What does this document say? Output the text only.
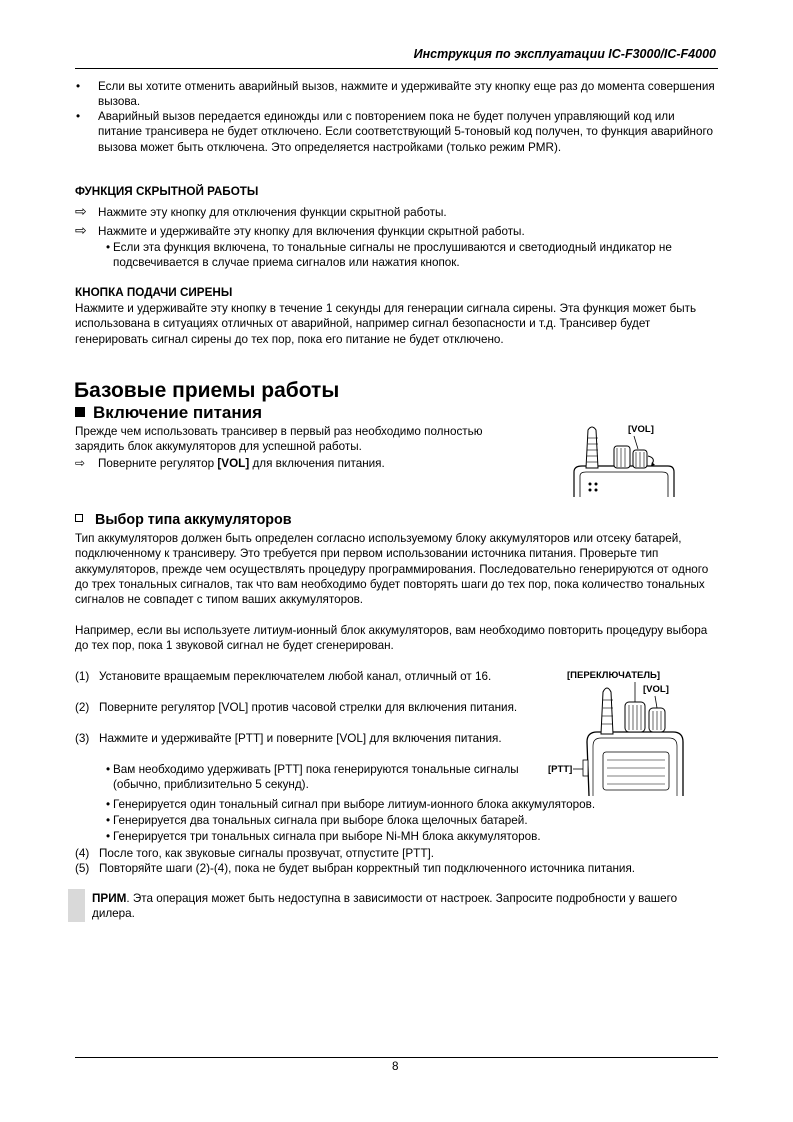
Инструкция по эксплуатации IC-F3000/IC-F4000
• Если вы хотите отменить аварийный вызов, нажмите и удерживайте эту кнопку еще раз до момента совершения вызова.
• Аварийный вызов передается единожды или с повторением пока не будет получен управляющий код или питание трансивера не будет отключено. Если соответствующий 5-тоновый код получен, то функция аварийного вызова может быть отключена. Это определяется настройками (только режим PMR).
ФУНКЦИЯ СКРЫТНОЙ РАБОТЫ
⇨ Нажмите эту кнопку для отключения функции скрытной работы.
⇨ Нажмите и удерживайте эту кнопку для включения функции скрытной работы.
• Если эта функция включена, то тональные сигналы не прослушиваются и светодиодный индикатор не подсвечивается в случае приема сигналов или нажатия кнопок.
КНОПКА ПОДАЧИ СИРЕНЫ
Нажмите и удерживайте эту кнопку в течение 1 секунды для генерации сигнала сирены. Эта функция может быть использована в ситуациях отличных от аварийной, например сигнал безопасности и т.д. Трансивер будет генерировать сигнал сирены до тех пор, пока его питание не будет отключено.
Базовые приемы работы
Включение питания
Прежде чем использовать трансивер в первый раз необходимо полностью зарядить блок аккумуляторов для успешной работы.
⇨ Поверните регулятор [VOL] для включения питания.
[VOL]
Выбор типа аккумуляторов
Тип аккумуляторов должен быть определен согласно используемому блоку аккумуляторов или отсеку батарей, подключенному к трансиверу. Это требуется при первом использовании источника питания. Проверьте тип аккумуляторов, прежде чем осуществлять процедуру программирования. Последовательно генерируются от одного до трех тональных сигналов, так что вам необходимо будет повторять шаги до тех пор, пока количество тональных сигналов не совпадет с типом ваших аккумуляторов.
Например, если вы используете литиум-ионный блок аккумуляторов, вам необходимо повторить процедуру выбора до тех пор, пока 1 звуковой сигнал не будет сгенерирован.
(1) Установите вращаемым переключателем любой канал, отличный от 16.
(2) Поверните регулятор [VOL] против часовой стрелки для включения питания.
(3) Нажмите и удерживайте [PTT] и поверните [VOL] для включения питания.
• Вам необходимо удерживать [PTT] пока генерируются тональные сигналы (обычно, приблизительно 5 секунд).
• Генерируется один тональный сигнал при выборе литиум-ионного блока аккумуляторов.
• Генерируется два тональных сигнала при выборе блока щелочных батарей.
• Генерируется три тональных сигнала при выборе Ni-MH блока аккумуляторов.
(4) После того, как звуковые сигналы прозвучат, отпустите [PTT].
(5) Повторяйте шаги (2)-(4), пока не будет выбран корректный тип подключенного источника питания.
[ПЕРЕКЛЮЧАТЕЛЬ]
[VOL]
[PTT]
ПРИМ. Эта операция может быть недоступна в зависимости от настроек. Запросите подробности у вашего дилера.
8
